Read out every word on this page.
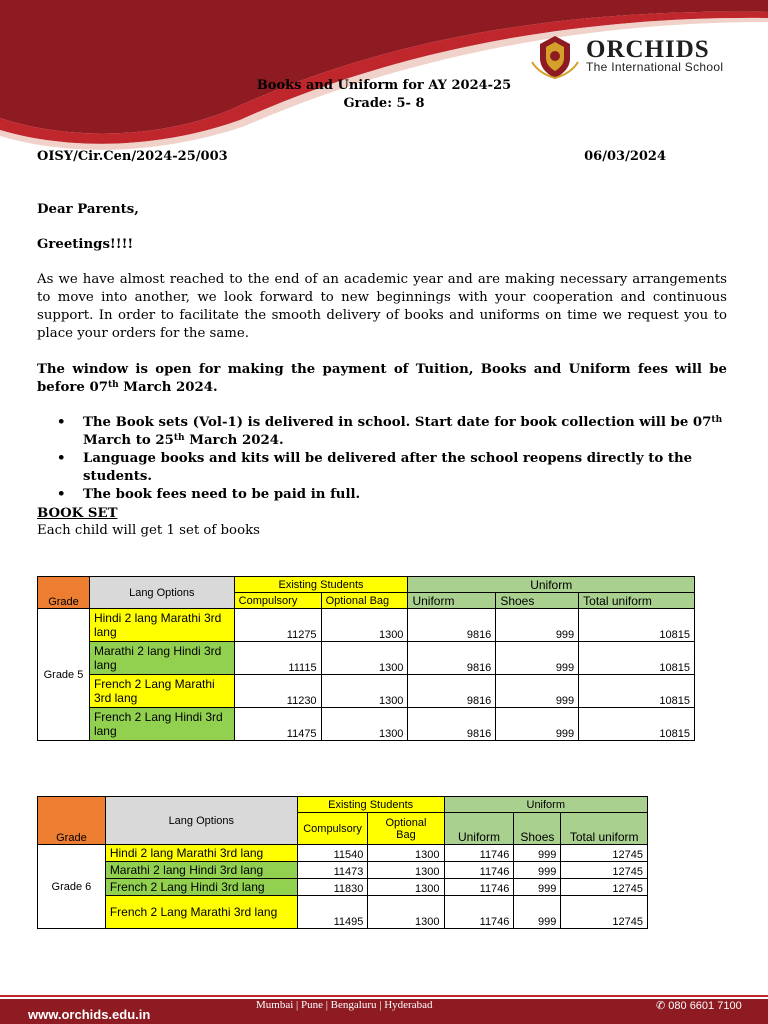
ORCHIDS
The International School
Books and Uniform for AY 2024-25
Grade: 5- 8
OISY/Cir.Cen/2024-25/003	06/03/2024
Dear Parents,
Greetings!!!!
As we have almost reached to the end of an academic year and are making necessary arrangements to move into another, we look forward to new beginnings with your cooperation and continuous support. In order to facilitate the smooth delivery of books and uniforms on time we request you to place your orders for the same.
The window is open for making the payment of Tuition, Books and Uniform fees will be before 07th March 2024.
• The Book sets (Vol-1) is delivered in school. Start date for book collection will be 07th March to 25th March 2024.
• Language books and kits will be delivered after the school reopens directly to the students.
• The book fees need to be paid in full.
BOOK SET
Each child will get 1 set of books
Grade	Lang Options	Existing Students		Uniform		
		Compulsory	Optional Bag	Uniform	Shoes	Total uniform
Grade 5	Hindi 2 lang Marathi 3rd lang	11275	1300	9816	999	10815
	Marathi 2 lang Hindi 3rd lang	11115	1300	9816	999	10815
	French 2 Lang Marathi 3rd lang	11230	1300	9816	999	10815
	French 2 Lang Hindi 3rd lang	11475	1300	9816	999	10815
Grade	Lang Options	Existing Students		Uniform		
		Compulsory	Optional Bag	Uniform	Shoes	Total uniform
Grade 6	Hindi 2 lang Marathi 3rd lang	11540	1300	11746	999	12745
	Marathi 2 lang Hindi 3rd lang	11473	1300	11746	999	12745
	French 2 Lang Hindi 3rd lang	11830	1300	11746	999	12745
	French 2 Lang Marathi 3rd lang	11495	1300	11746	999	12745
www.orchids.edu.in
Mumbai | Pune | Bengaluru | Hyderabad	✆ 080 6601 7100
